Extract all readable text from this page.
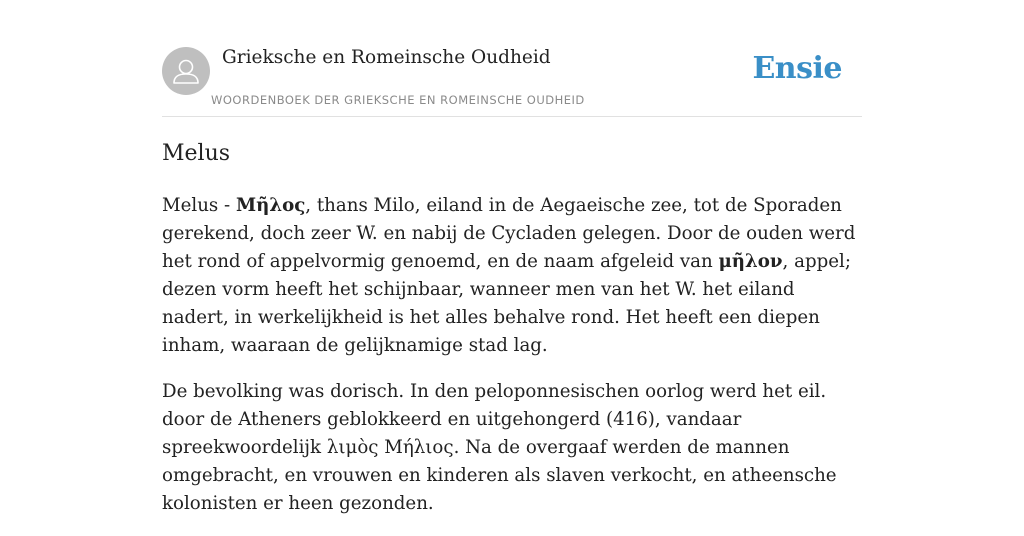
Grieksche en Romeinsche Oudheid
WOORDENBOEK DER GRIEKSCHE EN ROMEINSCHE OUDHEID
Ensie
Melus

Melus - Μῆλος, thans Milo, eiland in de Aegaeische zee, tot de Sporaden gerekend, doch zeer W. en nabij de Cycladen gelegen. Door de ouden werd het rond of appelvormig genoemd, en de naam afgeleid van μῆλον, appel; dezen vorm heeft het schijnbaar, wanneer men van het W. het eiland nadert, in werkelijkheid is het alles behalve rond. Het heeft een diepen inham, waaraan de gelijknamige stad lag.

De bevolking was dorisch. In den peloponnesischen oorlog werd het eil. door de Atheners geblokkeerd en uitgehongerd (416), vandaar spreekwoordelijk λιμὸς Μήλιος. Na de overgaaf werden de mannen omgebracht, en vrouwen en kinderen als slaven verkocht, en atheensche kolonisten er heen gezonden.
